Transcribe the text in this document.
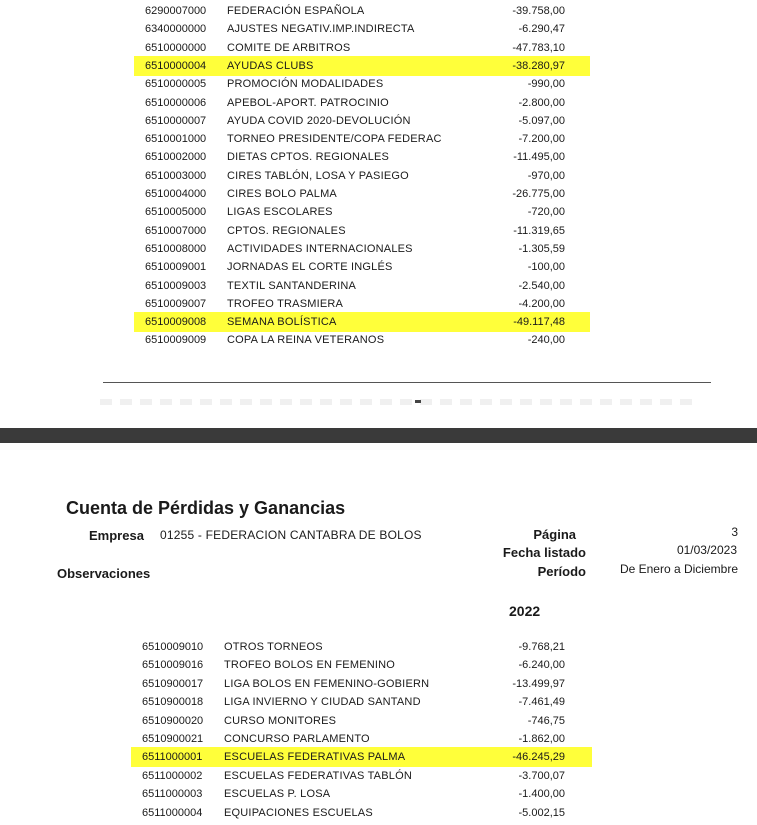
6290007000	FEDERACIÓN ESPAÑOLA	-39.758,00
6340000000	AJUSTES NEGATIV.IMP.INDIRECTA	-6.290,47
6510000000	COMITE DE ARBITROS	-47.783,10
6510000004	AYUDAS CLUBS	-38.280,97
6510000005	PROMOCIÓN MODALIDADES	-990,00
6510000006	APEBOL-APORT. PATROCINIO	-2.800,00
6510000007	AYUDA COVID 2020-DEVOLUCIÓN	-5.097,00
6510001000	TORNEO PRESIDENTE/COPA FEDERAC	-7.200,00
6510002000	DIETAS CPTOS. REGIONALES	-11.495,00
6510003000	CIRES TABLÓN, LOSA Y PASIEGO	-970,00
6510004000	CIRES BOLO PALMA	-26.775,00
6510005000	LIGAS ESCOLARES	-720,00
6510007000	CPTOS. REGIONALES	-11.319,65
6510008000	ACTIVIDADES INTERNACIONALES	-1.305,59
6510009001	JORNADAS EL CORTE INGLÉS	-100,00
6510009003	TEXTIL SANTANDERINA	-2.540,00
6510009007	TROFEO TRASMIERA	-4.200,00
6510009008	SEMANA BOLÍSTICA	-49.117,48
6510009009	COPA LA REINA VETERANOS	-240,00
Cuenta de Pérdidas y Ganancias
Empresa 01255 - FEDERACION CANTABRA DE BOLOS
Observaciones
Página
Fecha listado
Período
3
01/03/2023
De Enero a Diciembre
2022
6510009010	OTROS TORNEOS	-9.768,21
6510009016	TROFEO BOLOS EN FEMENINO	-6.240,00
6510900017	LIGA BOLOS EN FEMENINO-GOBIERN	-13.499,97
6510900018	LIGA INVIERNO Y CIUDAD SANTAND	-7.461,49
6510900020	CURSO MONITORES	-746,75
6510900021	CONCURSO PARLAMENTO	-1.862,00
6511000001	ESCUELAS FEDERATIVAS PALMA	-46.245,29
6511000002	ESCUELAS FEDERATIVAS TABLÓN	-3.700,07
6511000003	ESCUELAS P. LOSA	-1.400,00
6511000004	EQUIPACIONES ESCUELAS	-5.002,15
